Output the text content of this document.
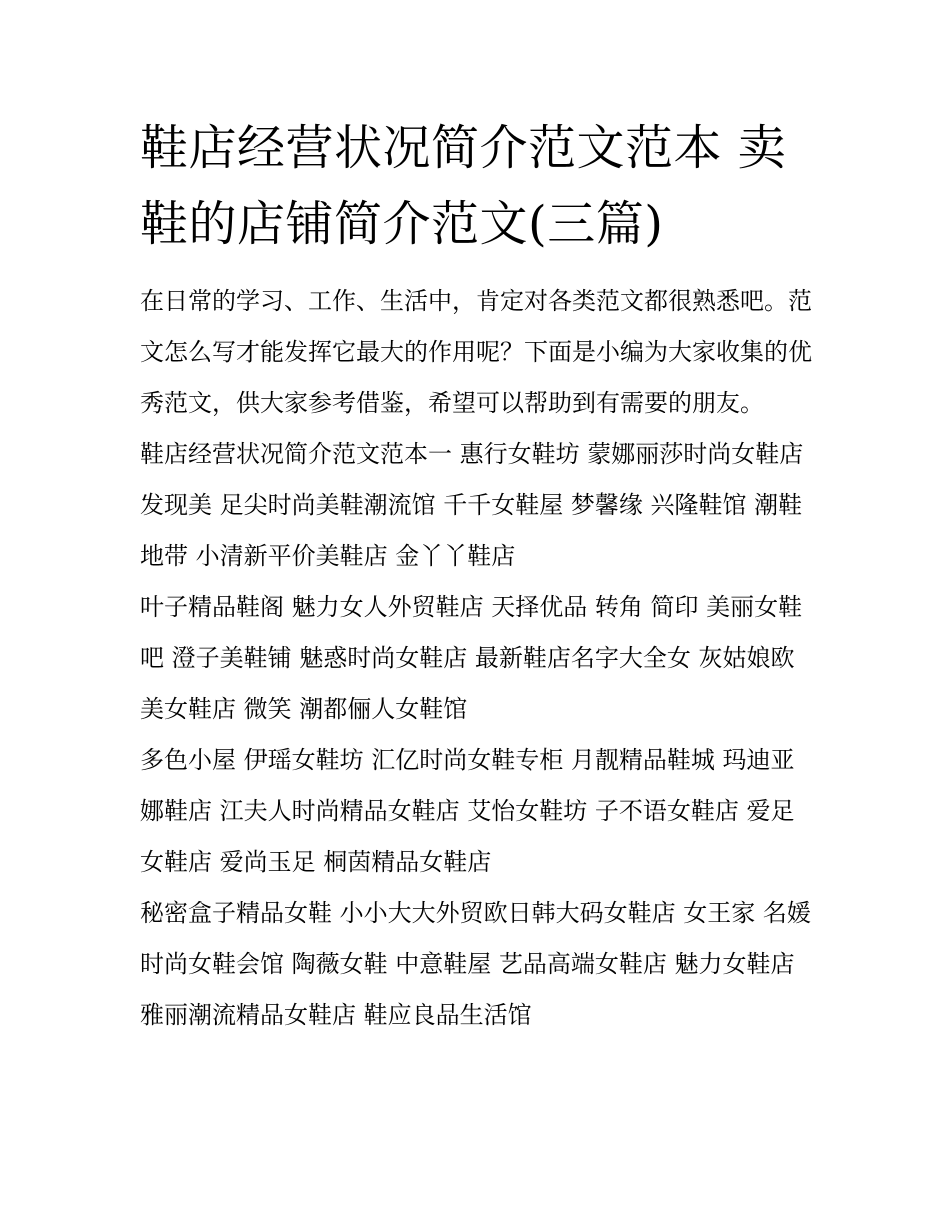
鞋店经营状况简介范文范本 卖鞋的店铺简介范文(三篇)

在日常的学习、工作、生活中，肯定对各类范文都很熟悉吧。范文怎么写才能发挥它最大的作用呢？下面是小编为大家收集的优秀范文，供大家参考借鉴，希望可以帮助到有需要的朋友。

鞋店经营状况简介范文范本一 惠行女鞋坊 蒙娜丽莎时尚女鞋店 发现美 足尖时尚美鞋潮流馆 千千女鞋屋 梦馨缘 兴隆鞋馆 潮鞋地带 小清新平价美鞋店 金丫丫鞋店

叶子精品鞋阁 魅力女人外贸鞋店 天择优品 转角 简印 美丽女鞋吧 澄子美鞋铺 魅惑时尚女鞋店 最新鞋店名字大全女 灰姑娘欧美女鞋店 微笑 潮都俪人女鞋馆

多色小屋 伊瑶女鞋坊 汇亿时尚女鞋专柜 月靓精品鞋城 玛迪亚娜鞋店 江夫人时尚精品女鞋店 艾怡女鞋坊 子不语女鞋店 爱足女鞋店 爱尚玉足 桐茵精品女鞋店

秘密盒子精品女鞋 小小大大外贸欧日韩大码女鞋店 女王家 名媛时尚女鞋会馆 陶薇女鞋 中意鞋屋 艺品高端女鞋店 魅力女鞋店 雅丽潮流精品女鞋店 鞋应良品生活馆
